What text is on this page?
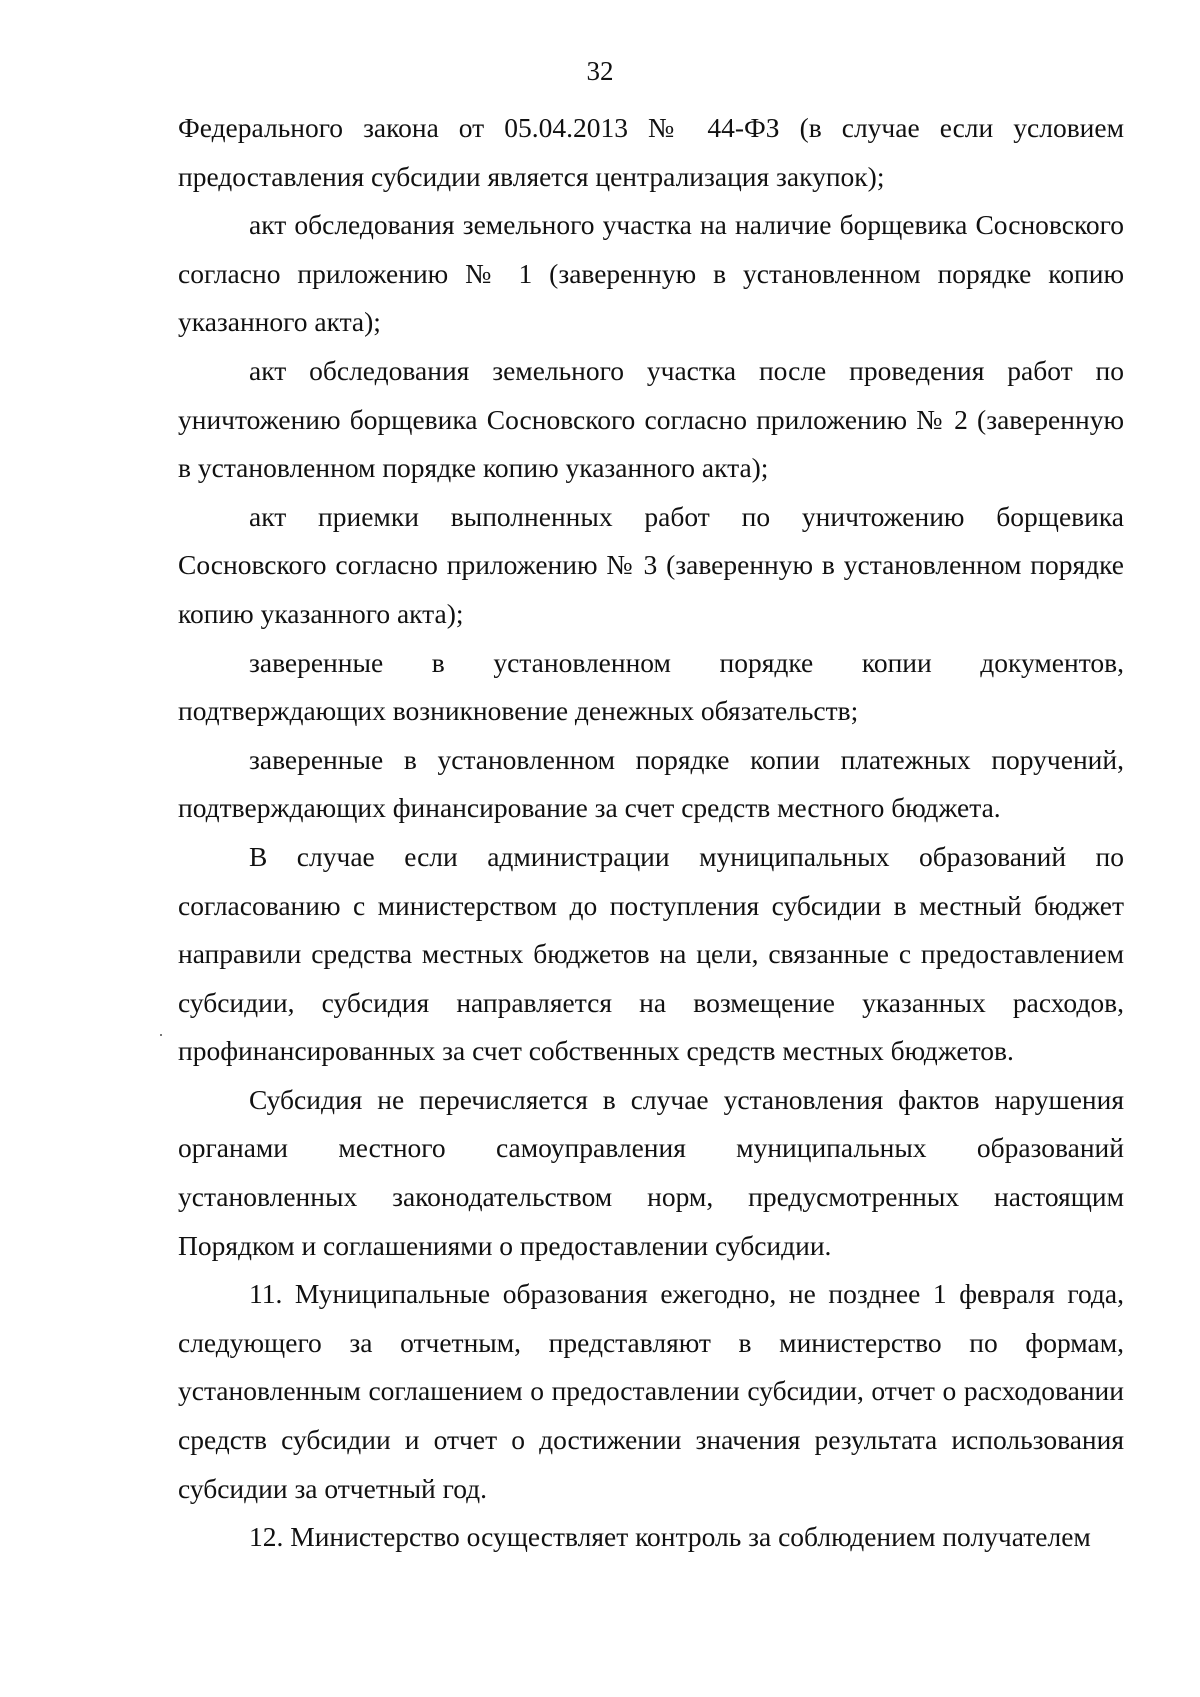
32

Федерального закона от 05.04.2013 № 44-ФЗ (в случае если условием предоставления субсидии является централизация закупок);

акт обследования земельного участка на наличие борщевика Сосновского согласно приложению № 1 (заверенную в установленном порядке копию указанного акта);

акт обследования земельного участка после проведения работ по уничтожению борщевика Сосновского согласно приложению № 2 (заверенную в установленном порядке копию указанного акта);

акт приемки выполненных работ по уничтожению борщевика Сосновского согласно приложению № 3 (заверенную в установленном порядке копию указанного акта);

заверенные в установленном порядке копии документов, подтверждающих возникновение денежных обязательств;

заверенные в установленном порядке копии платежных поручений, подтверждающих финансирование за счет средств местного бюджета.

В случае если администрации муниципальных образований по согласованию с министерством до поступления субсидии в местный бюджет направили средства местных бюджетов на цели, связанные с предоставлением субсидии, субсидия направляется на возмещение указанных расходов, профинансированных за счет собственных средств местных бюджетов.

Субсидия не перечисляется в случае установления фактов нарушения органами местного самоуправления муниципальных образований установленных законодательством норм, предусмотренных настоящим Порядком и соглашениями о предоставлении субсидии.

11. Муниципальные образования ежегодно, не позднее 1 февраля года, следующего за отчетным, представляют в министерство по формам, установленным соглашением о предоставлении субсидии, отчет о расходовании средств субсидии и отчет о достижении значения результата использования субсидии за отчетный год.

12. Министерство осуществляет контроль за соблюдением получателем
